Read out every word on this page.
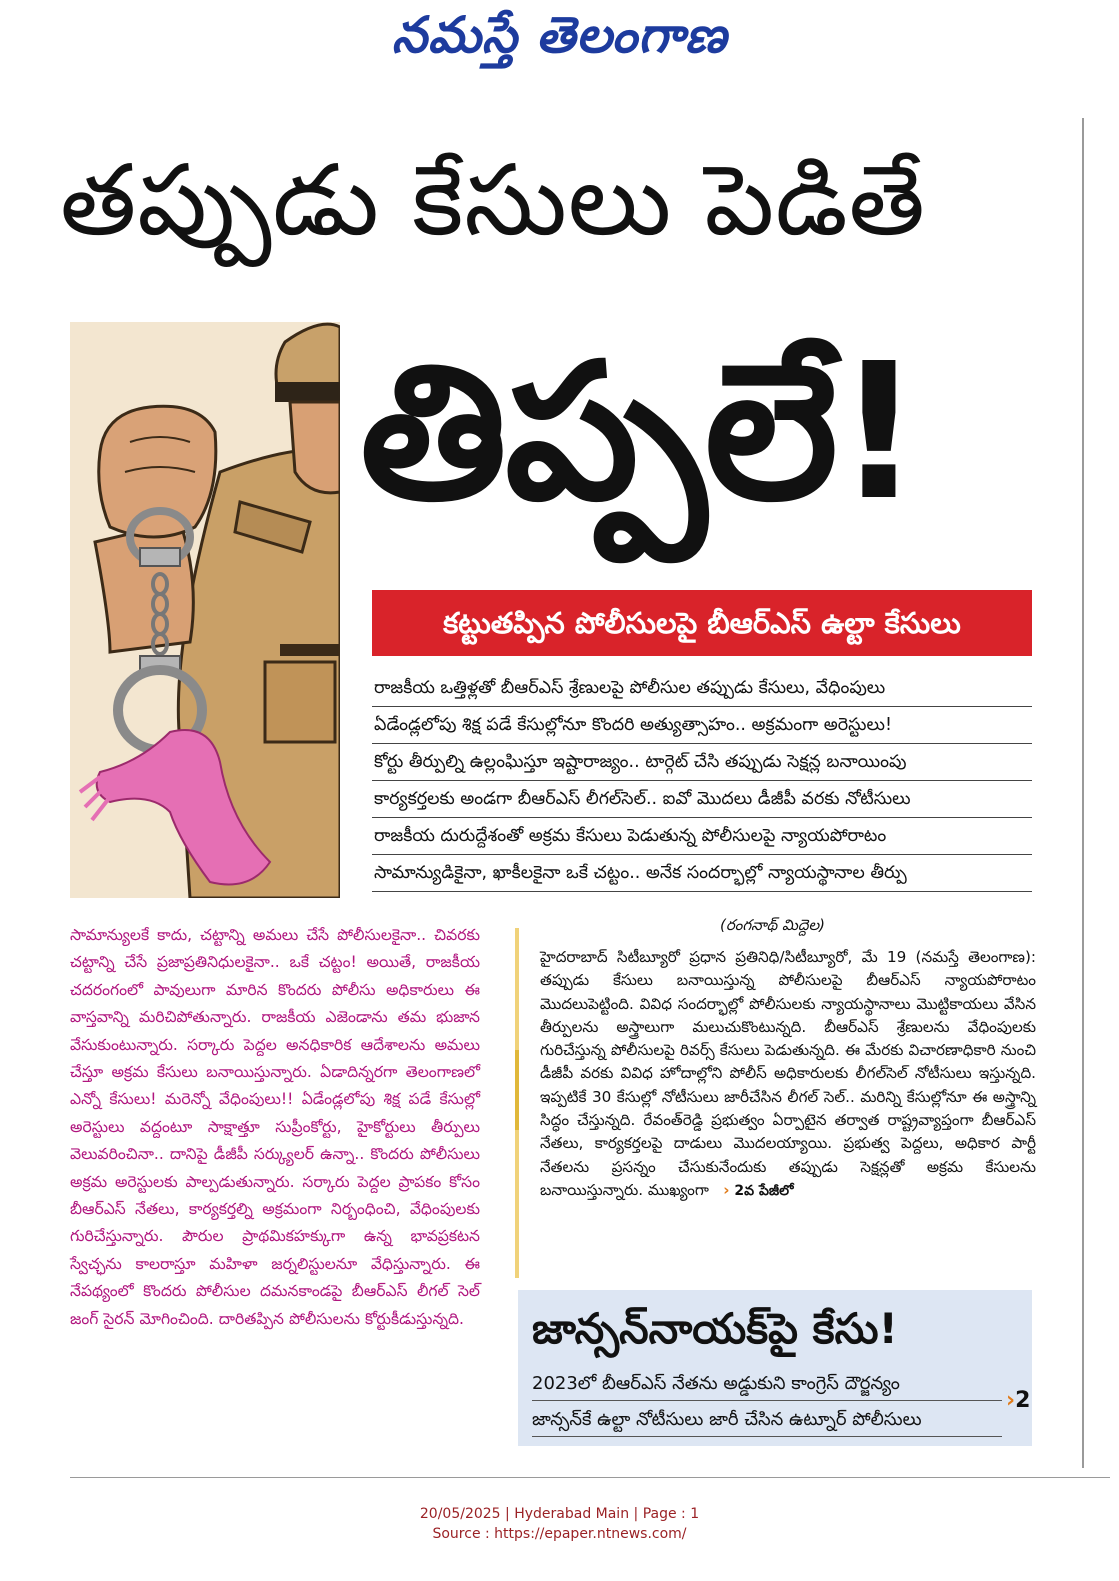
నమస్తే తెలంగాణ
తప్పుడు కేసులు పెడితే
తిప్పలే!
కట్టుతప్పిన పోలీసులపై బీఆర్ఎస్ ఉల్టా కేసులు
రాజకీయ ఒత్తిళ్లతో బీఆర్ఎస్ శ్రేణులపై పోలీసుల తప్పుడు కేసులు, వేధింపులు
ఏడేండ్లలోపు శిక్ష పడే కేసుల్లోనూ కొందరి అత్యుత్సాహం.. అక్రమంగా అరెస్టులు!
కోర్టు తీర్పుల్ని ఉల్లంఘిస్తూ ఇష్టారాజ్యం.. టార్గెట్ చేసి తప్పుడు సెక్షన్ల బనాయింపు
కార్యకర్తలకు అండగా బీఆర్ఎస్ లీగల్‌సెల్.. ఐవో మొదలు డీజీపీ వరకు నోటీసులు
రాజకీయ దురుద్దేశంతో అక్రమ కేసులు పెడుతున్న పోలీసులపై న్యాయపోరాటం
సామాన్యుడికైనా, ఖాకీలకైనా ఒకే చట్టం.. అనేక సందర్భాల్లో న్యాయస్థానాల తీర్పు

సామాన్యులకే కాదు, చట్టాన్ని అమలు చేసే పోలీసులకైనా.. చివరకు చట్టాన్ని చేసే ప్రజాప్రతినిధులకైనా.. ఒకే చట్టం! అయితే, రాజకీయ చదరంగంలో పావులుగా మారిన కొందరు పోలీసు అధికారులు ఈ వాస్తవాన్ని మరిచిపోతున్నారు. రాజకీయ ఎజెండాను తమ భుజాన వేసుకుంటున్నారు. సర్కారు పెద్దల అనధికారిక ఆదేశాలను అమలు చేస్తూ అక్రమ కేసులు బనాయిస్తున్నారు. ఏడాదిన్నరగా తెలంగాణలో ఎన్నో కేసులు! మరెన్నో వేధింపులు!! ఏడేండ్లలోపు శిక్ష పడే కేసుల్లో అరెస్టులు వద్దంటూ సాక్షాత్తూ సుప్రీంకోర్టు, హైకోర్టులు తీర్పులు వెలువరించినా.. దానిపై డీజీపీ సర్క్యులర్ ఉన్నా.. కొందరు పోలీసులు అక్రమ అరెస్టులకు పాల్పడుతున్నారు. సర్కారు పెద్దల ప్రాపకం కోసం బీఆర్ఎస్ నేతలు, కార్యకర్తల్ని అక్రమంగా నిర్బంధించి, వేధింపులకు గురిచేస్తున్నారు. పౌరుల ప్రాథమికహక్కుగా ఉన్న భావప్రకటన స్వేచ్ఛను కాలరాస్తూ మహిళా జర్నలిస్టులనూ వేధిస్తున్నారు. ఈ నేపథ్యంలో కొందరు పోలీసుల దమనకాండపై బీఆర్ఎస్ లీగల్ సెల్ జంగ్ సైరన్ మోగించింది. దారితప్పిన పోలీసులను కోర్టుకీడుస్తున్నది.

(రంగనాథ్ మిద్దెల)

హైదరాబాద్ సిటీబ్యూరో ప్రధాన ప్రతినిధి/సిటీబ్యూరో, మే 19 (నమస్తే తెలంగాణ): తప్పుడు కేసులు బనాయిస్తున్న పోలీసులపై బీఆర్ఎస్ న్యాయపోరాటం మొదలుపెట్టింది. వివిధ సందర్భాల్లో పోలీసులకు న్యాయస్థానాలు మొట్టికాయలు వేసిన తీర్పులను అస్త్రాలుగా మలుచుకొంటున్నది. బీఆర్ఎస్ శ్రేణులను వేధింపులకు గురిచేస్తున్న పోలీసులపై రివర్స్ కేసులు పెడుతున్నది. ఈ మేరకు విచారణాధికారి నుంచి డీజీపీ వరకు వివిధ హోదాల్లోని పోలీస్ అధికారులకు లీగల్‌సెల్ నోటీసులు ఇస్తున్నది. ఇప్పటికే 30 కేసుల్లో నోటీసులు జారీచేసిన లీగల్ సెల్.. మరిన్ని కేసుల్లోనూ ఈ అస్త్రాన్ని సిద్ధం చేస్తున్నది. రేవంత్‌రెడ్డి ప్రభుత్వం ఏర్పాటైన తర్వాత రాష్ట్రవ్యాప్తంగా బీఆర్ఎస్ నేతలు, కార్యకర్తలపై దాడులు మొదలయ్యాయి. ప్రభుత్వ పెద్దలు, అధికార పార్టీ నేతలను ప్రసన్నం చేసుకునేందుకు తప్పుడు సెక్షన్లతో అక్రమ కేసులను బనాయిస్తున్నారు. ముఖ్యంగా › 2వ పేజీలో

జాన్సన్‌నాయక్‌పై కేసు!
2023లో బీఆర్ఎస్ నేతను అడ్డుకుని కాంగ్రెస్ దౌర్జన్యం
జాన్సన్‌కే ఉల్టా నోటీసులు జారీ చేసిన ఉట్నూర్ పోలీసులు
›2
20/05/2025 | Hyderabad Main | Page : 1
Source : https://epaper.ntnews.com/
